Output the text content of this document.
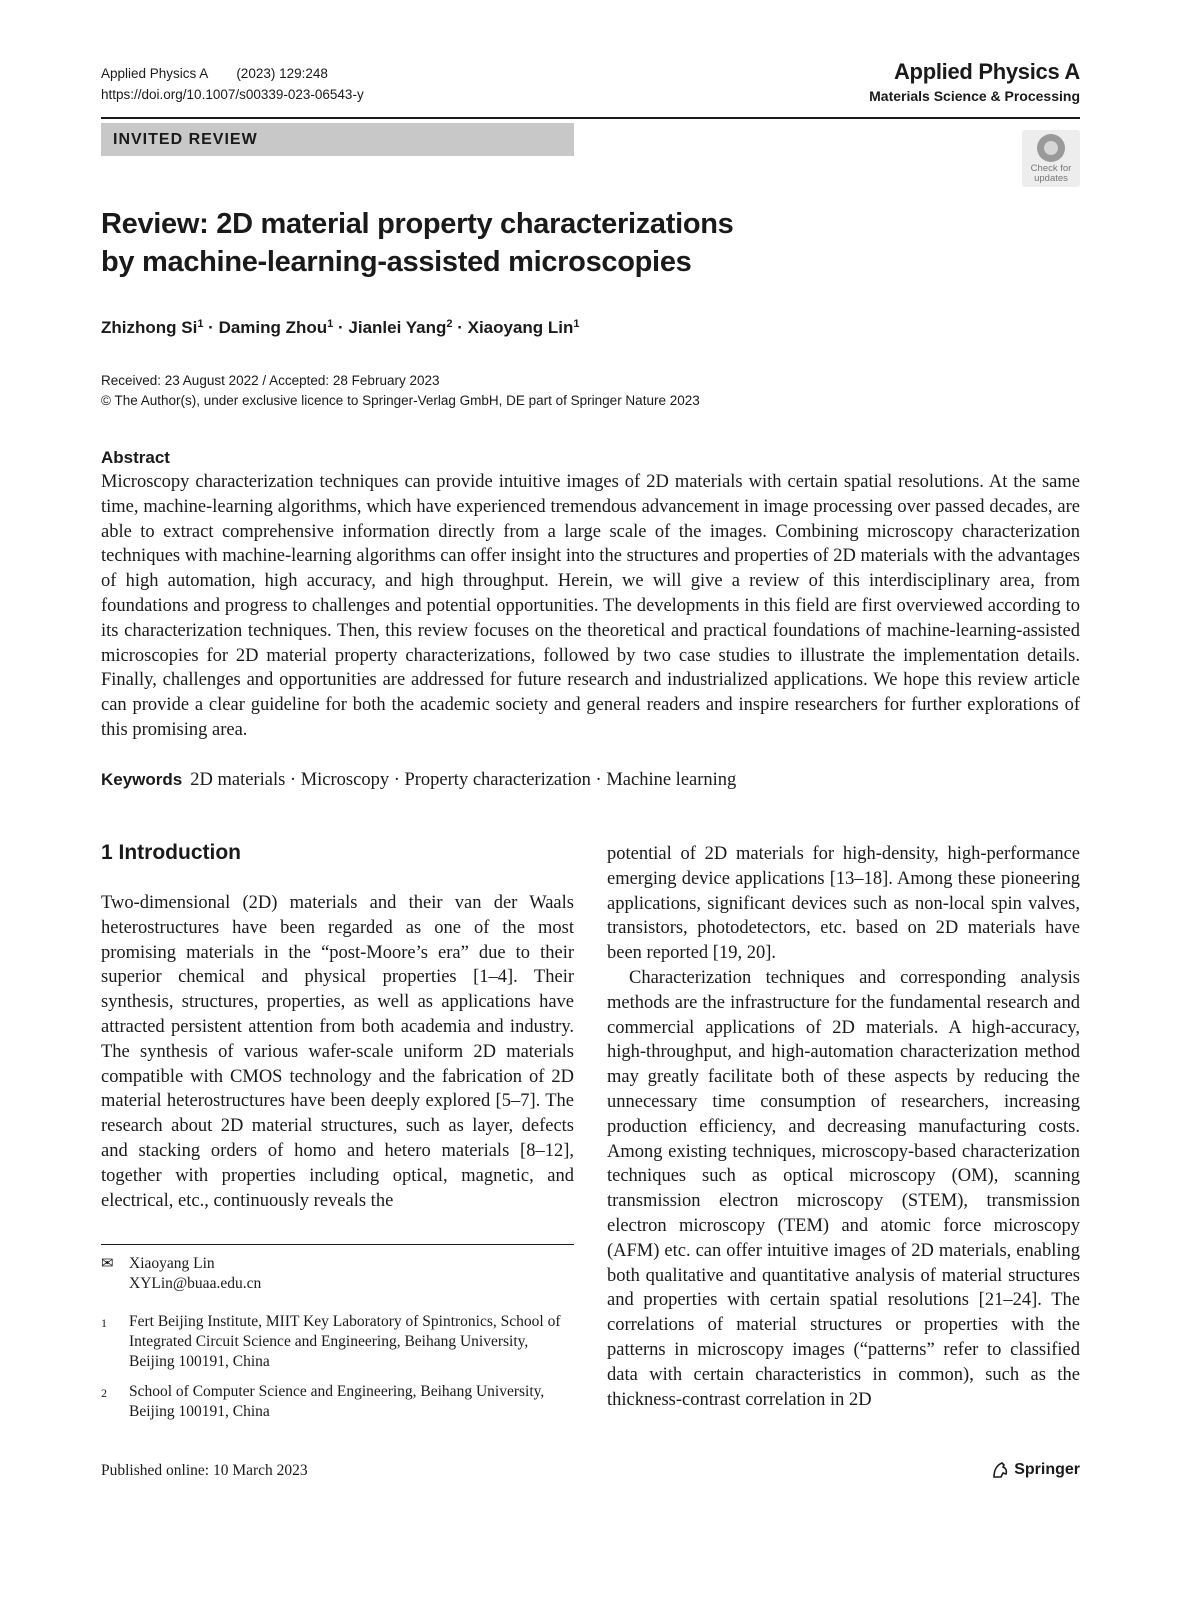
Applied Physics A (2023) 129:248
https://doi.org/10.1007/s00339-023-06543-y
Applied Physics A
Materials Science & Processing
INVITED REVIEW
Check for
updates
Review: 2D material property characterizations
by machine-learning-assisted microscopies
Zhizhong $Si^1 \cdot Daming$ Zhou$^1$ · Jianlei Yang$^2$ · Xiaoyang Lin$^1$
Received: 23 August 2022 / Accepted: 28 February 2023
© The Author(s), under exclusive licence to Springer-Verlag GmbH, DE part of Springer Nature 2023
Abstract
Microscopy characterization techniques can provide intuitive images of 2D materials with certain spatial resolutions. At the same time, machine-learning algorithms, which have experienced tremendous advancement in image processing over passed decades, are able to extract comprehensive information directly from a large scale of the images. Combining microscopy characterization techniques with machine-learning algorithms can offer insight into the structures and properties of 2D materials with the advantages of high automation, high accuracy, and high throughput. Herein, we will give a review of this interdisciplinary area, from foundations and progress to challenges and potential opportunities. The developments in this field are first overviewed according to its characterization techniques. Then, this review focuses on the theoretical and practical foundations of machine-learning-assisted microscopies for 2D material property characterizations, followed by two case studies to illustrate the implementation details. Finally, challenges and opportunities are addressed for future research and industrialized applications. We hope this review article can provide a clear guideline for both the academic society and general readers and inspire researchers for further explorations of this promising area.
Keywords 2D materials · Microscopy · Property characterization · Machine learning
1 Introduction

Two-dimensional (2D) materials and their van der Waals heterostructures have been regarded as one of the most promising materials in the “post-Moore’s era” due to their superior chemical and physical properties [1–4]. Their synthesis, structures, properties, as well as applications have attracted persistent attention from both academia and industry. The synthesis of various wafer-scale uniform 2D materials compatible with CMOS technology and the fabrication of 2D material heterostructures have been deeply explored [5–7]. The research about 2D material structures, such as layer, defects and stacking orders of homo and hetero materials [8–12], together with properties including optical, magnetic, and electrical, etc., continuously reveals the

potential of 2D materials for high-density, high-performance emerging device applications [13–18]. Among these pioneering applications, significant devices such as non-local spin valves, transistors, photodetectors, etc. based on 2D materials have been reported [19, 20].

Characterization techniques and corresponding analysis methods are the infrastructure for the fundamental research and commercial applications of 2D materials. A high-accuracy, high-throughput, and high-automation characterization method may greatly facilitate both of these aspects by reducing the unnecessary time consumption of researchers, increasing production efficiency, and decreasing manufacturing costs. Among existing techniques, microscopy-based characterization techniques such as optical microscopy (OM), scanning transmission electron microscopy (STEM), transmission electron microscopy (TEM) and atomic force microscopy (AFM) etc. can offer intuitive images of 2D materials, enabling both qualitative and quantitative analysis of material structures and properties with certain spatial resolutions [21–24]. The correlations of material structures or properties with the patterns in microscopy images (“patterns” refer to classified data with certain characteristics in common), such as the thickness-contrast correlation in 2D

✉ Xiaoyang Lin
XYLin@buaa.edu.cn
1	Fert Beijing Institute, MIIT Key Laboratory of Spintronics, School of Integrated Circuit Science and Engineering, Beihang University, Beijing 100191, China
2	School of Computer Science and Engineering, Beihang University, Beijing 100191, China
Published online: 10 March 2023	Springer
